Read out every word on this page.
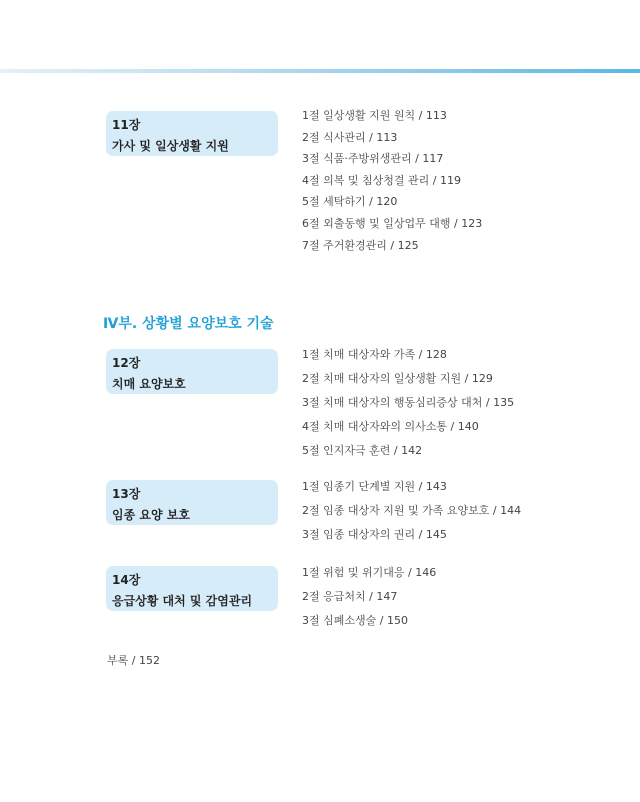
11장
가사 및 일상생활 지원
1절 일상생활 지원 원칙 / 113
2절 식사관리 / 113
3절 식품·주방위생관리 / 117
4절 의복 및 침상청결 관리 / 119
5절 세탁하기 / 120
6절 외출동행 및 일상업무 대행 / 123
7절 주거환경관리 / 125
Ⅳ부. 상황별 요양보호 기술
12장
치매 요양보호
1절 치매 대상자와 가족 / 128
2절 치매 대상자의 일상생활 지원 / 129
3절 치매 대상자의 행동심리증상 대처 / 135
4절 치매 대상자와의 의사소통 / 140
5절 인지자극 훈련 / 142
13장
임종 요양 보호
1절 임종기 단계별 지원 / 143
2절 임종 대상자 지원 및 가족 요양보호 / 144
3절 임종 대상자의 권리 / 145
14장
응급상황 대처 및 감염관리
1절 위험 및 위기대응 / 146
2절 응급처치 / 147
3절 심폐소생술 / 150
부록 / 152
